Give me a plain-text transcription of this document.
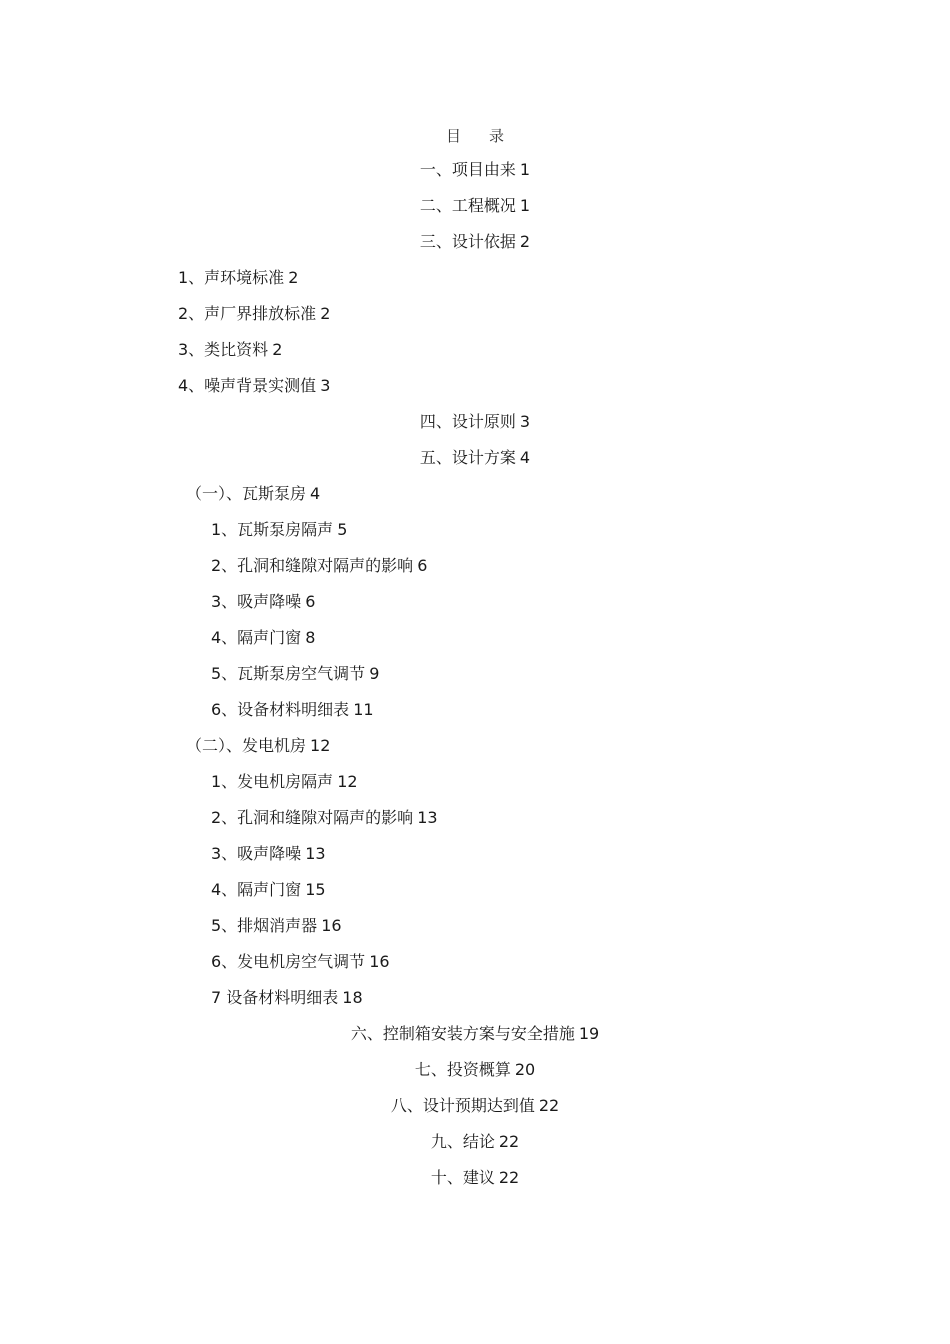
目 录
一、项目由来 1
二、工程概况 1
三、设计依据 2
1、声环境标准 2
2、声厂界排放标准 2
3、类比资料 2
4、噪声背景实测值 3
四、设计原则 3
五、设计方案 4
（一）、瓦斯泵房 4
1、瓦斯泵房隔声 5
2、孔洞和缝隙对隔声的影响 6
3、吸声降噪 6
4、隔声门窗 8
5、瓦斯泵房空气调节 9
6、设备材料明细表 11
（二）、发电机房 12
1、发电机房隔声 12
2、孔洞和缝隙对隔声的影响 13
3、吸声降噪 13
4、隔声门窗 15
5、排烟消声器 16
6、发电机房空气调节 16
7 设备材料明细表 18
六、控制箱安装方案与安全措施 19
七、投资概算 20
八、设计预期达到值 22
九、结论 22
十、建议 22
